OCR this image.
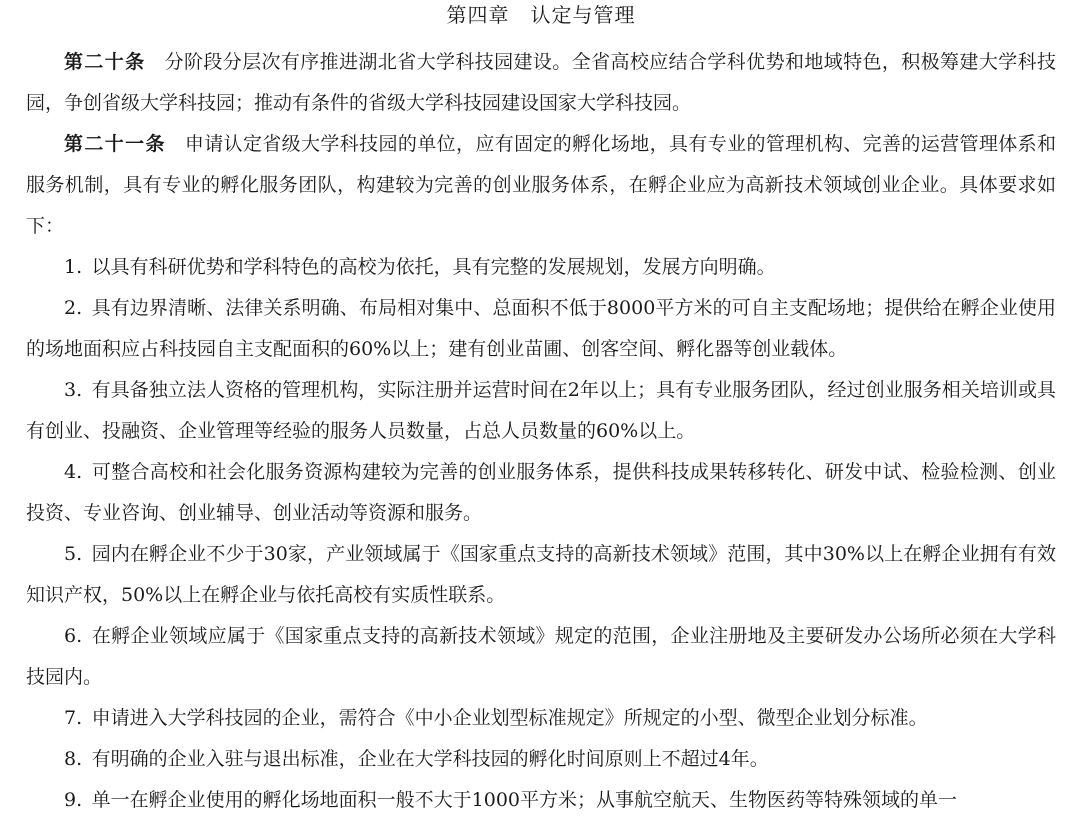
第四章　认定与管理

第二十条 分阶段分层次有序推进湖北省大学科技园建设。全省高校应结合学科优势和地域特色，积极筹建大学科技园，争创省级大学科技园；推动有条件的省级大学科技园建设国家大学科技园。

第二十一条 申请认定省级大学科技园的单位，应有固定的孵化场地，具有专业的管理机构、完善的运营管理体系和服务机制，具有专业的孵化服务团队，构建较为完善的创业服务体系，在孵企业应为高新技术领域创业企业。具体要求如下：

1. 以具有科研优势和学科特色的高校为依托，具有完整的发展规划，发展方向明确。

2. 具有边界清晰、法律关系明确、布局相对集中、总面积不低于8000平方米的可自主支配场地；提供给在孵企业使用的场地面积应占科技园自主支配面积的60%以上；建有创业苗圃、创客空间、孵化器等创业载体。

3. 有具备独立法人资格的管理机构，实际注册并运营时间在2年以上；具有专业服务团队，经过创业服务相关培训或具有创业、投融资、企业管理等经验的服务人员数量，占总人员数量的60%以上。

4. 可整合高校和社会化服务资源构建较为完善的创业服务体系，提供科技成果转移转化、研发中试、检验检测、创业投资、专业咨询、创业辅导、创业活动等资源和服务。

5. 园内在孵企业不少于30家，产业领域属于《国家重点支持的高新技术领域》范围，其中30%以上在孵企业拥有有效知识产权，50%以上在孵企业与依托高校有实质性联系。

6. 在孵企业领域应属于《国家重点支持的高新技术领域》规定的范围，企业注册地及主要研发办公场所必须在大学科技园内。

7. 申请进入大学科技园的企业，需符合《中小企业划型标准规定》所规定的小型、微型企业划分标准。

8. 有明确的企业入驻与退出标准，企业在大学科技园的孵化时间原则上不超过4年。

9. 单一在孵企业使用的孵化场地面积一般不大于1000平方米；从事航空航天、生物医药等特殊领域的单一
